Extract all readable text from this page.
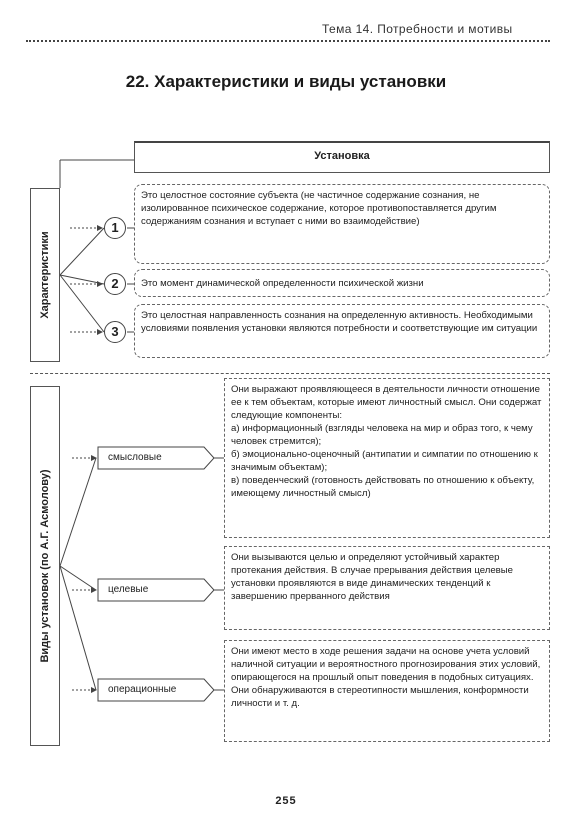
Тема 14. Потребности и мотивы
22. Характеристики и виды установки
Установка
Характеристики
1
2
3
Это целостное состояние субъекта (не частичное содержание сознания, не изолированное психическое содержание, которое противопоставляется другим содержаниям сознания и вступает с ними во взаимодействие)
Это момент динамической определенности психической жизни
Это целостная направленность сознания на определенную активность. Необходимыми условиями появления установки являются потребности и соответствующие им ситуации
Виды установок (по А.Г. Асмолову)
смысловые
целевые
операционные
Они выражают проявляющееся в деятельности личности отношение ее к тем объектам, которые имеют личностный смысл. Они содержат следующие компоненты:
а) информационный (взгляды человека на мир и образ того, к чему человек стремится);
б) эмоционально-оценочный (антипатии и симпатии по отношению к значимым объектам);
в) поведенческий (готовность действовать по отношению к объекту, имеющему личностный смысл)
Они вызываются целью и определяют устойчивый характер протекания действия. В случае прерывания действия целевые установки проявляются в виде динамических тенденций к завершению прерванного действия
Они имеют место в ходе решения задачи на основе учета условий наличной ситуации и вероятностного прогнозирования этих условий, опирающегося на прошлый опыт поведения в подобных ситуациях. Они обнаруживаются в стереотипности мышления, конформности личности и т. д.
255
